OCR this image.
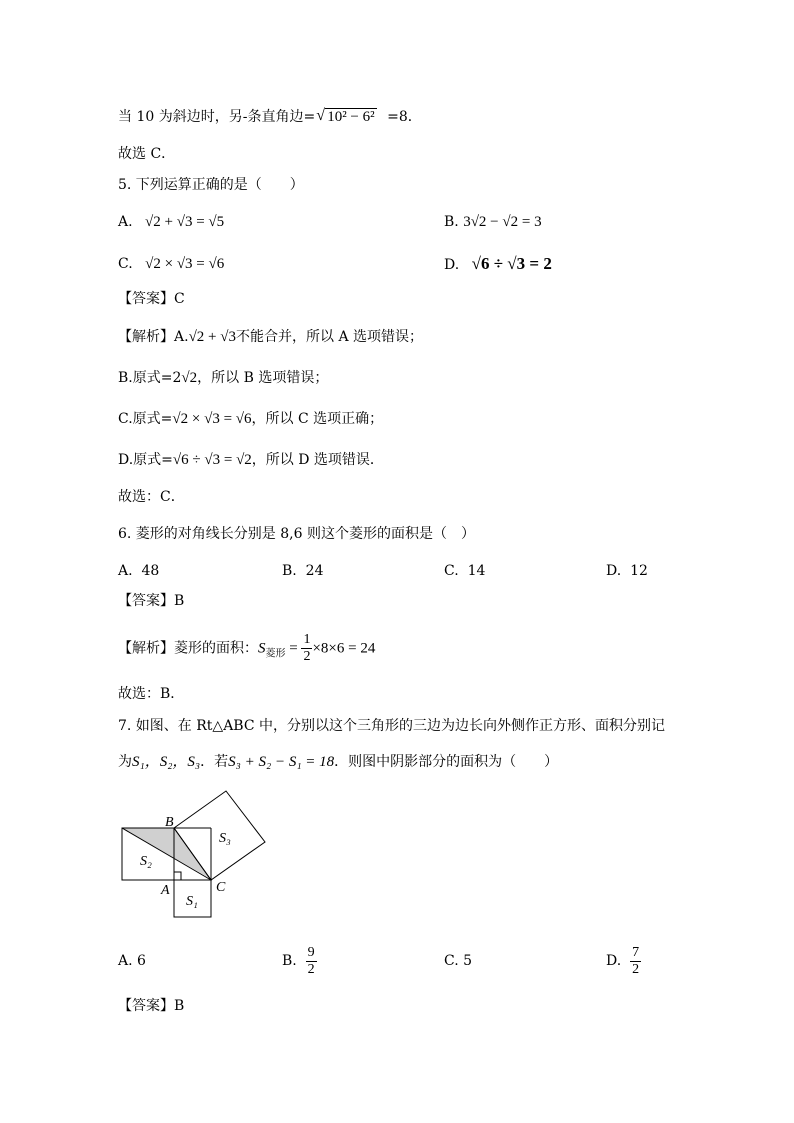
当 10 为斜边时，另-条直角边= √ 10² − 6² =8．
故选 C．
5. 下列运算正确的是（　　）
A. √2 + √3 = √5	B. 3√2 − √2 = 3
C. √2 × √3 = √6	D. √6 ÷ √3 = 2
【答案】C
【解析】A.√2 + √3不能合并，所以 A 选项错误；
B.原式=2√2，所以 B 选项错误；
C.原式=√2 × √3 = √6，所以 C 选项正确；
D.原式=√6 ÷ √3 = √2，所以 D 选项错误．
故选：C．
6. 菱形的对角线长分别是 8,6 则这个菱形的面积是（　）
A. 48	B. 24	C. 14	D. 12
【答案】B
【解析】菱形的面积：$S_{菱形} = \frac{1}{2} \times 8\times 6 = 24$
故选：B．
7. 如图、在 Rt△ABC 中，分别以这个三角形的三边为边长向外侧作正方形、面积分别记
为S₁，S₂，S₃．若S₃ + S₂ − S₁ = 18．则图中阴影部分的面积为（　　）
B
A	C
S₂
S₁
S₃
A. 6	B. $\frac{9}{2}$	C. 5	D. $\frac{7}{2}$
【答案】B
